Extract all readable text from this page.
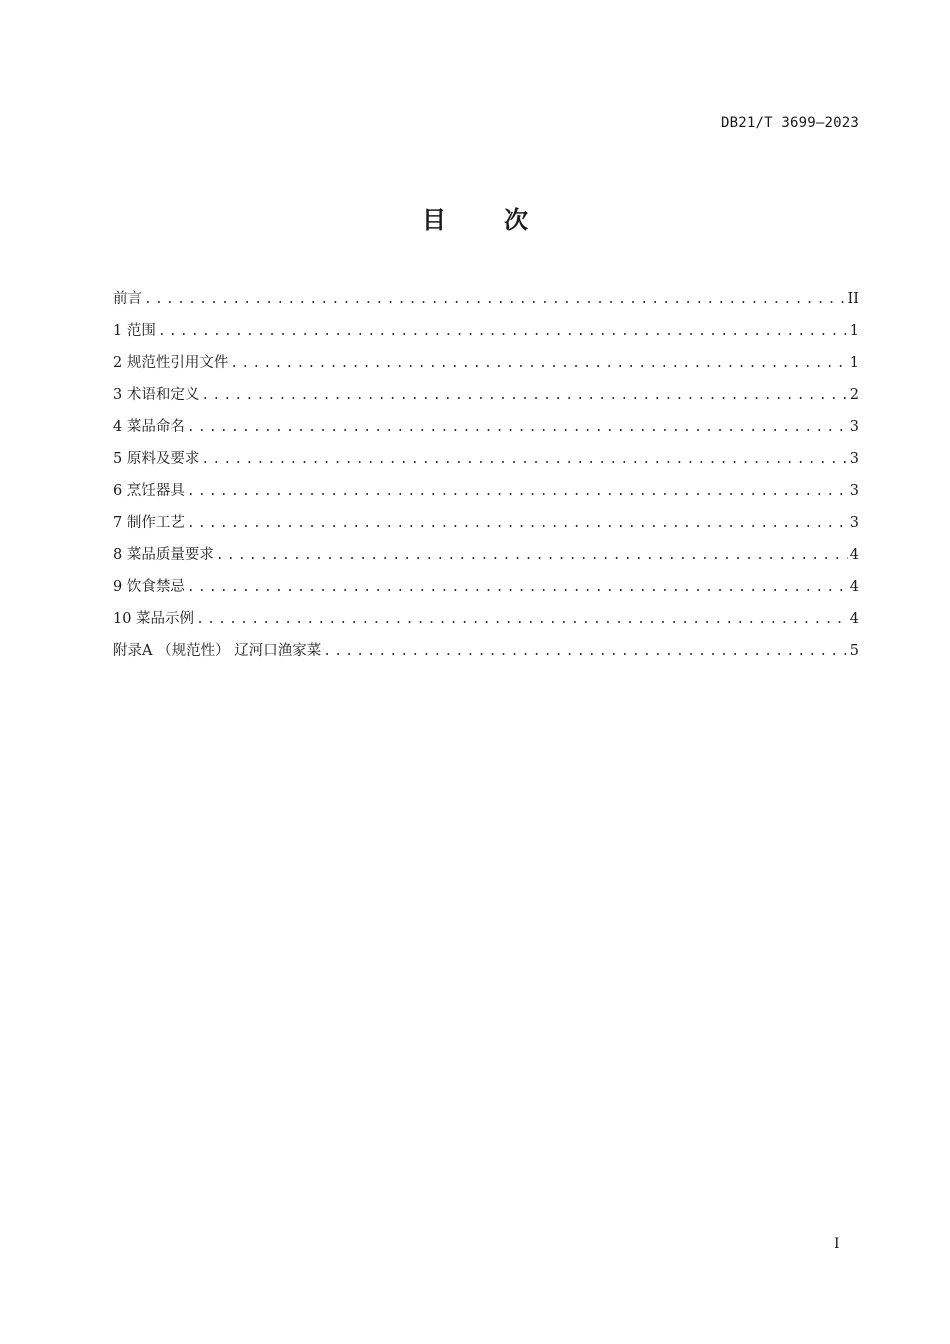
DB21/T 3699—2023
目 次
前言 .....	II
1 范围 .....	1
2 规范性引用文件 .....	1
3 术语和定义 .....	2
4 菜品命名 .....	3
5 原料及要求 .....	3
6 烹饪器具 .....	3
7 制作工艺 .....	3
8 菜品质量要求 .....	4
9 饮食禁忌 .....	4
10 菜品示例 .....	4
附录A （规范性） 辽河口渔家菜 .....	5
I
